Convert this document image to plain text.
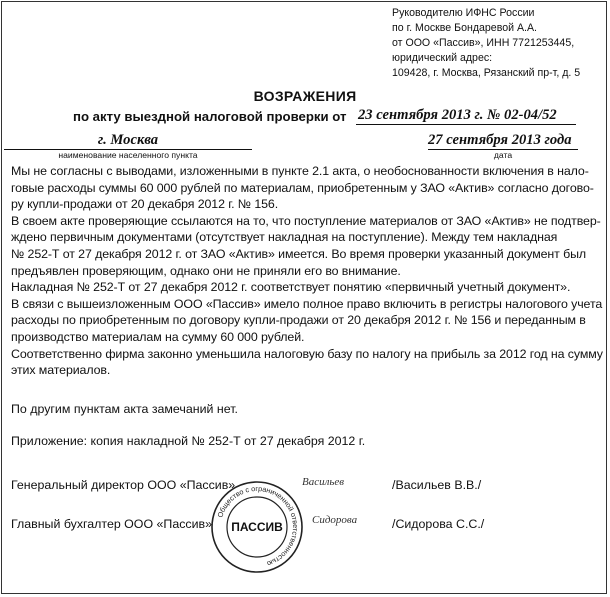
Руководителю ИФНС России
по г. Москве Бондаревой А.А.
от ООО «Пассив», ИНН 7721253445,
юридический адрес:
109428, г. Москва, Рязанский пр-т, д. 5
ВОЗРАЖЕНИЯ
по акту выездной налоговой проверки от 23 сентября 2013 г. № 02-04/52
г. Москва
наименование населенного пункта
27 сентября 2013 года
дата
Мы не согласны с выводами, изложенными в пункте 2.1 акта, о необоснованности включения в нало-
говые расходы суммы 60 000 рублей по материалам, приобретенным у ЗАО «Актив» согласно догово-
ру купли-продажи от 20 декабря 2012 г. № 156.
В своем акте проверяющие ссылаются на то, что поступление материалов от ЗАО «Актив» не подтвер-
ждено первичным документами (отсутствует накладная на поступление). Между тем накладная
№ 252-Т от 27 декабря 2012 г. от ЗАО «Актив» имеется. Во время проверки указанный документ был
предъявлен проверяющим, однако они не приняли его во внимание.
Накладная № 252-Т от 27 декабря 2012 г. соответствует понятию «первичный учетный документ».
В связи с вышеизложенным ООО «Пассив» имело полное право включить в регистры налогового учета
расходы по приобретенным по договору купли-продажи от 20 декабря 2012 г. № 156 и переданным в
производство материалам на сумму 60 000 рублей.
Соответственно фирма законно уменьшила налоговую базу по налогу на прибыль за 2012 год на сумму
этих материалов.
По другим пунктам акта замечаний нет.
Приложение: копия накладной № 252-Т от 27 декабря 2012 г.
Генеральный директор ООО «Пассив»	Васильев	/Васильев В.В./
Главный бухгалтер ООО «Пассив»	Сидорова	/Сидорова С.С./
Общество с ограниченной ответственностью
ПАССИВ
